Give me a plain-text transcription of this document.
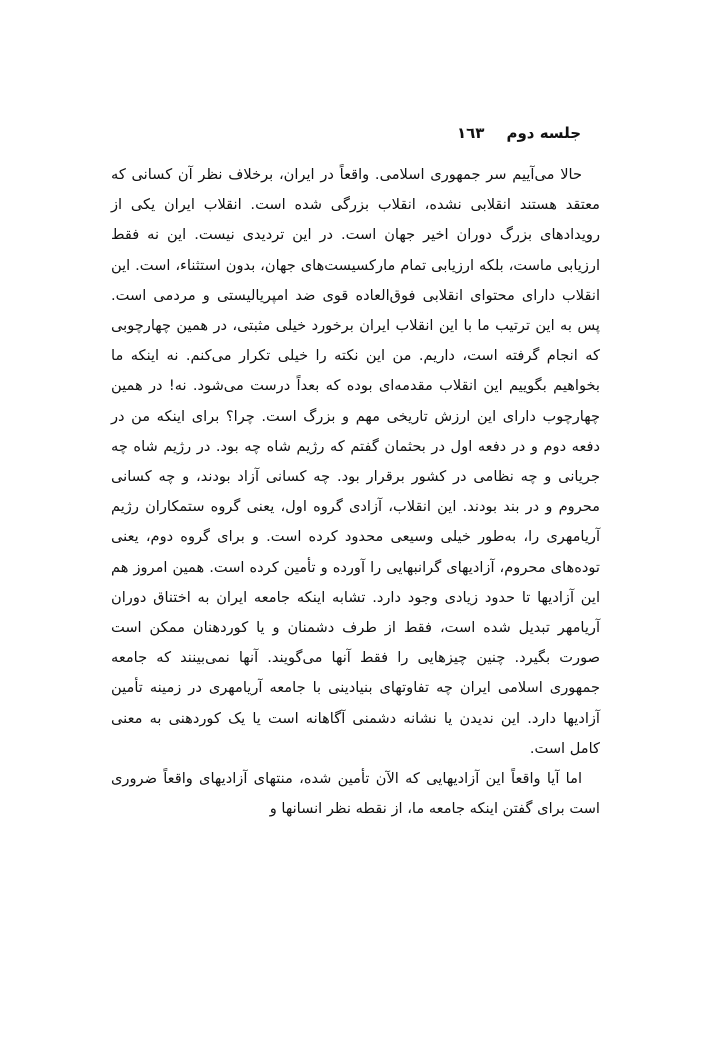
جلسه دوم
١٦٣

حالا می‌آییم سر جمهوری اسلامی. واقعاً در ایران، برخلاف نظر آن کسانی که معتقد هستند انقلابی نشده، انقلاب بزرگی شده است. انقلاب ایران یکی از رویدادهای بزرگ دوران اخیر جهان است. در این تردیدی نیست. این نه فقط ارزیابی ماست، بلکه ارزیابی تمام مارکسیست‌های جهان، بدون استثناء، است. این انقلاب دارای محتوای انقلابی فوق‌العاده قوی ضد امپریالیستی و مردمی است. پس به این ترتیب ما با این انقلاب ایران برخورد خیلی مثبتی، در همین چهارچوبی که انجام گرفته است، داریم. من این نکته را خیلی تکرار می‌کنم. نه اینکه ما بخواهیم بگوییم این انقلاب مقدمه‌ای بوده که بعداً درست می‌شود. نه! در همین چهارچوب دارای این ارزش تاریخی مهم و بزرگ است. چرا؟ برای اینکه من در دفعه دوم و در دفعه اول در بحثمان گفتم که رژیم شاه چه بود. در رژیم شاه چه جریانی و چه نظامی در کشور برقرار بود. چه کسانی آزاد بودند، و چه کسانی محروم و در بند بودند. این انقلاب، آزادی گروه اول، یعنی گروه ستمکاران رژیم آریامهری را، به‌طور خیلی وسیعی محدود کرده است. و برای گروه دوم، یعنی توده‌های محروم، آزادیهای گرانبهایی را آورده و تأمین کرده است. همین امروز هم این آزادیها تا حدود زیادی وجود دارد. تشابه اینکه جامعه ایران به اختناق دوران آریامهر تبدیل شده است، فقط از طرف دشمنان و یا کوردهنان ممکن است صورت بگیرد. چنین چیزهایی را فقط آنها می‌گویند. آنها نمی‌بینند که جامعه جمهوری اسلامی ایران چه تفاوتهای بنیادینی با جامعه آریامهری در زمینه تأمین آزادیها دارد. این ندیدن یا نشانه دشمنی آگاهانه است یا یک کوردهنی به معنی کامل است.

اما آیا واقعاً این آزادیهایی که الآن تأمین شده، منتهای آزادیهای واقعاً ضروری است برای گفتن اینکه جامعه ما، از نقطه نظر انسانها و
